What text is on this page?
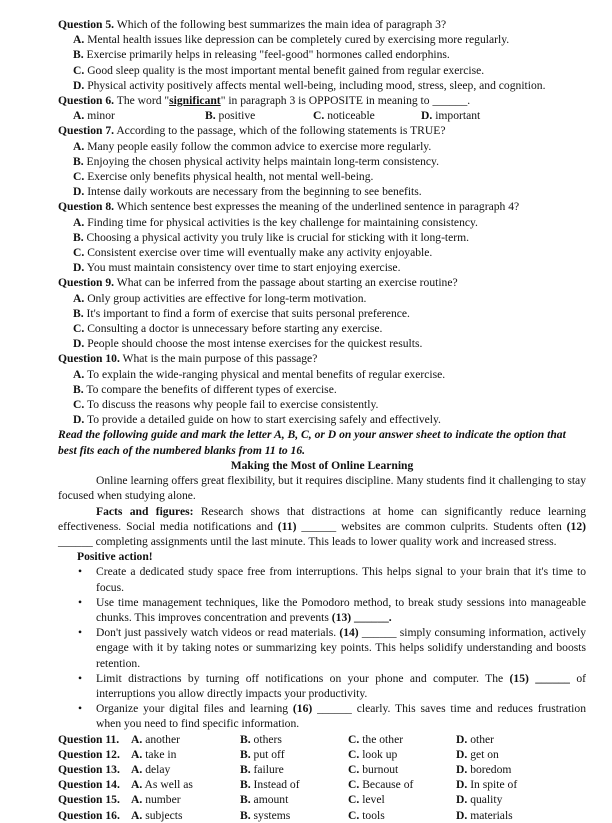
Question 5. Which of the following best summarizes the main idea of paragraph 3?

A. Mental health issues like depression can be completely cured by exercising more regularly.

B. Exercise primarily helps in releasing "feel-good" hormones called endorphins.

C. Good sleep quality is the most important mental benefit gained from regular exercise.

D. Physical activity positively affects mental well-being, including mood, stress, sleep, and cognition.

Question 6. The word "significant" in paragraph 3 is OPPOSITE in meaning to ______.

A. minor	B. positive	C. noticeable	D. important

Question 7. According to the passage, which of the following statements is TRUE?

A. Many people easily follow the common advice to exercise more regularly.

B. Enjoying the chosen physical activity helps maintain long-term consistency.

C. Exercise only benefits physical health, not mental well-being.

D. Intense daily workouts are necessary from the beginning to see benefits.

Question 8. Which sentence best expresses the meaning of the underlined sentence in paragraph 4?

A. Finding time for physical activities is the key challenge for maintaining consistency.

B. Choosing a physical activity you truly like is crucial for sticking with it long-term.

C. Consistent exercise over time will eventually make any activity enjoyable.

D. You must maintain consistency over time to start enjoying exercise.

Question 9. What can be inferred from the passage about starting an exercise routine?

A. Only group activities are effective for long-term motivation.

B. It's important to find a form of exercise that suits personal preference.

C. Consulting a doctor is unnecessary before starting any exercise.

D. People should choose the most intense exercises for the quickest results.

Question 10. What is the main purpose of this passage?

A. To explain the wide-ranging physical and mental benefits of regular exercise.

B. To compare the benefits of different types of exercise.

C. To discuss the reasons why people fail to exercise consistently.

D. To provide a detailed guide on how to start exercising safely and effectively.

Read the following guide and mark the letter A, B, C, or D on your answer sheet to indicate the option that best fits each of the numbered blanks from 11 to 16.

Making the Most of Online Learning

Online learning offers great flexibility, but it requires discipline. Many students find it challenging to stay focused when studying alone.

Facts and figures: Research shows that distractions at home can significantly reduce learning effectiveness. Social media notifications and (11) ______ websites are common culprits. Students often (12) ______ completing assignments until the last minute. This leads to lower quality work and increased stress.

Positive action!

• Create a dedicated study space free from interruptions. This helps signal to your brain that it's time to focus.
• Use time management techniques, like the Pomodoro method, to break study sessions into manageable chunks. This improves concentration and prevents (13) ______.
• Don't just passively watch videos or read materials. (14) ______ simply consuming information, actively engage with it by taking notes or summarizing key points. This helps solidify understanding and boosts retention.
• Limit distractions by turning off notifications on your phone and computer. The (15) ______ of interruptions you allow directly impacts your productivity.
• Organize your digital files and learning (16) ______ clearly. This saves time and reduces frustration when you need to find specific information.
Question 11.	A. another	B. others	C. the other	D. other
Question 12. A. take in	B. put off	C. look up	D. get on
Question 13. A. delay	B. failure	C. burnout	D. boredom
Question 14. A. As well as	B. Instead of	C. Because of	D. In spite of
Question 15. A. number	B. amount	C. level	D. quality
Question 16. A. subjects	B. systems	C. tools	D. materials
